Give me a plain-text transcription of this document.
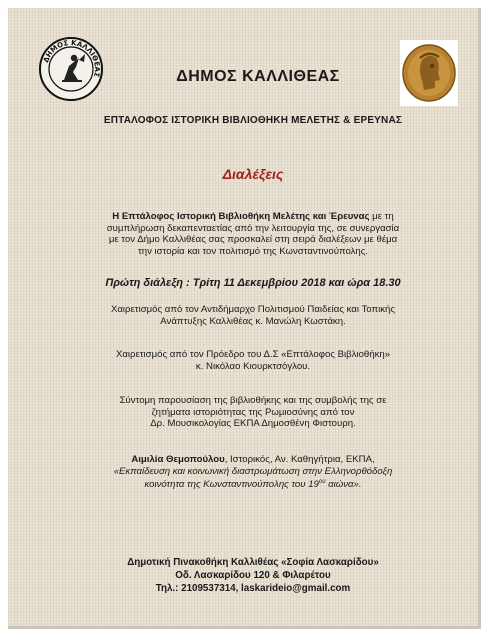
ΔΗΜΟΣ ΚΑΛΛΙΘΕΑΣ	ΔΗΜΟΣ ΚΑΛΛΙΘΕΑΣ
ΕΠΤΑΛΟΦΟΣ ΙΣΤΟΡΙΚΗ ΒΙΒΛΙΟΘΗΚΗ ΜΕΛΕΤΗΣ & ΕΡΕΥΝΑΣ
Διαλέξεις
Η Επτάλοφος Ιστορική Βιβλιοθήκη Μελέτης και Έρευνας με τη
συμπλήρωση δεκαπενταετίας από την λειτουργία της, σε συνεργασία
με τον Δήμο Καλλιθέας σας προσκαλεί στη σειρά διαλέξεων με θέμα
την ιστορία και τον πολιτισμό της Κωνσταντινούπολης.
Πρώτη διάλεξη : Τρίτη 11 Δεκεμβρίου 2018 και ώρα 18.30
Χαιρετισμός από τον Αντιδήμαρχο Πολιτισμού Παιδείας και Τοπικής
Ανάπτυξης Καλλιθέας κ. Μανώλη Κωστάκη.
Χαιρετισμός από τον Πρόεδρο του Δ.Σ «Επτάλοφος Βιβλιοθήκη»
κ. Νικόλαο Κιουρκτσόγλου.
Σύντομη παρουσίαση της βιβλιοθήκης και της συμβολής της σε
ζητήματα ιστοριότητας της Ρωμιοσύνης από τον
Δρ. Μουσικολογίας ΕΚΠΑ Δημοσθένη Φιστουρη.
Αιμιλία Θεμοπούλου, Ιστορικός, Αν. Καθηγήτρια, ΕΚΠΑ,
«Εκπαίδευση και κοινωνική διαστρωμάτωση στην Ελληνορθόδοξη
κοινότητα της Κωνσταντινούπολης του $19^{o\upsilon}$ αιώνα».
Δημοτική Πινακοθήκη Καλλιθέας «Σοφία Λασκαρίδου»
Οδ. Λασκαρίδου 120 & Φιλαρέτου
Τηλ.: 2109537314, laskarideio@gmail.com
